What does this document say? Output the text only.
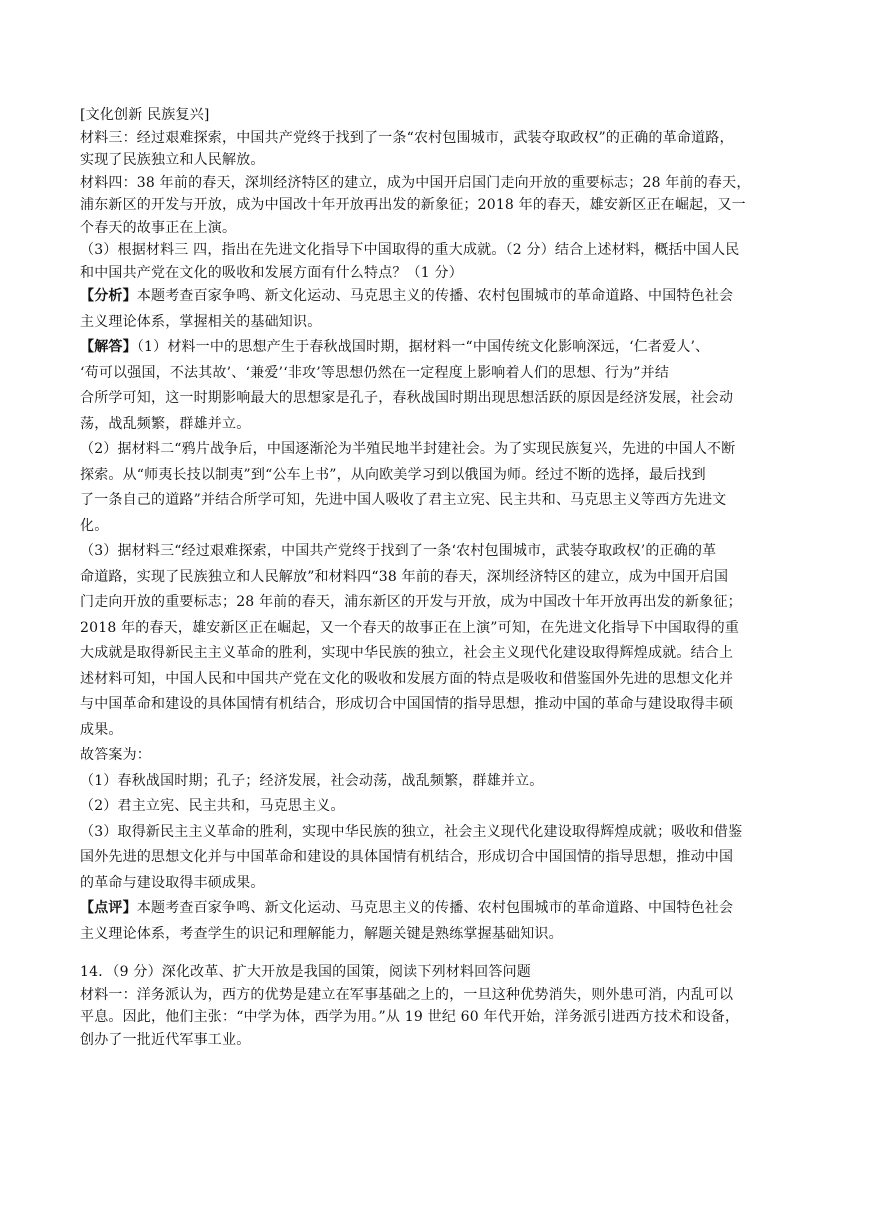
[文化创新 民族复兴]
材料三：经过艰难探索，中国共产党终于找到了一条“农村包围城市，武装夺取政权”的正确的革命道路，
实现了民族独立和人民解放。
材料四：38 年前的春天，深圳经济特区的建立，成为中国开启国门走向开放的重要标志；28 年前的春天，
浦东新区的开发与开放，成为中国改十年开放再出发的新象征；2018 年的春天，雄安新区正在崛起，又一
个春天的故事正在上演。
（3）根据材料三 四，指出在先进文化指导下中国取得的重大成就。（2 分）结合上述材料，概括中国人民
和中国共产党在文化的吸收和发展方面有什么特点？（1 分）
【分析】本题考查百家争鸣、新文化运动、马克思主义的传播、农村包围城市的革命道路、中国特色社会
主义理论体系，掌握相关的基础知识。
【解答】（1）材料一中的思想产生于春秋战国时期，据材料一“中国传统文化影响深远，‘仁者爱人’、
‘苟可以强国，不法其故’、‘兼爱’‘非攻’等思想仍然在一定程度上影响着人们的思想、行为”并结
合所学可知，这一时期影响最大的思想家是孔子，春秋战国时期出现思想活跃的原因是经济发展，社会动
荡，战乱频繁，群雄并立。
（2）据材料二“鸦片战争后，中国逐渐沦为半殖民地半封建社会。为了实现民族复兴，先进的中国人不断
探索。从“师夷长技以制夷”到“公车上书”，从向欧美学习到以俄国为师。经过不断的选择，最后找到
了一条自己的道路”并结合所学可知，先进中国人吸收了君主立宪、民主共和、马克思主义等西方先进文
化。
（3）据材料三“经过艰难探索，中国共产党终于找到了一条‘农村包围城市，武装夺取政权’的正确的革
命道路，实现了民族独立和人民解放”和材料四“38 年前的春天，深圳经济特区的建立，成为中国开启国
门走向开放的重要标志；28 年前的春天，浦东新区的开发与开放，成为中国改十年开放再出发的新象征；
2018 年的春天，雄安新区正在崛起，又一个春天的故事正在上演”可知，在先进文化指导下中国取得的重
大成就是取得新民主主义革命的胜利，实现中华民族的独立，社会主义现代化建设取得辉煌成就。结合上
述材料可知，中国人民和中国共产党在文化的吸收和发展方面的特点是吸收和借鉴国外先进的思想文化并
与中国革命和建设的具体国情有机结合，形成切合中国国情的指导思想，推动中国的革命与建设取得丰硕
成果。
故答案为：
（1）春秋战国时期；孔子；经济发展，社会动荡，战乱频繁，群雄并立。
（2）君主立宪、民主共和，马克思主义。
（3）取得新民主主义革命的胜利，实现中华民族的独立，社会主义现代化建设取得辉煌成就；吸收和借鉴
国外先进的思想文化并与中国革命和建设的具体国情有机结合，形成切合中国国情的指导思想，推动中国
的革命与建设取得丰硕成果。
【点评】本题考查百家争鸣、新文化运动、马克思主义的传播、农村包围城市的革命道路、中国特色社会
主义理论体系，考查学生的识记和理解能力，解题关键是熟练掌握基础知识。
14．（9 分）深化改革、扩大开放是我国的国策，阅读下列材料回答问题
材料一：洋务派认为，西方的优势是建立在军事基础之上的，一旦这种优势消失，则外患可消，内乱可以
平息。因此，他们主张：“中学为体，西学为用。”从 19 世纪 60 年代开始，洋务派引进西方技术和设备，
创办了一批近代军事工业。
